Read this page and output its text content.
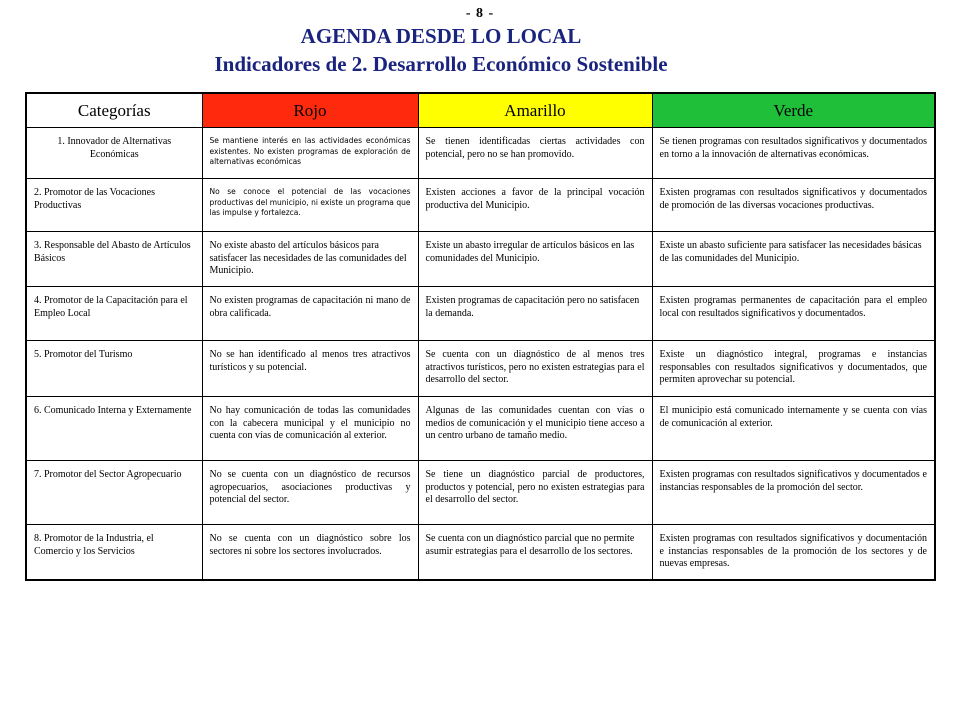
- 8 -
AGENDA DESDE LO LOCAL
Indicadores de 2. Desarrollo Económico Sostenible
Categorías	Rojo	Amarillo	Verde
1. Innovador de Alternativas Económicas	Se mantiene interés en las actividades económicas existentes. No existen programas de exploración de alternativas económicas	Se tienen identificadas ciertas actividades con potencial, pero no se han promovido.	Se tienen programas con resultados significativos y documentados en torno a la innovación de alternativas económicas.
2. Promotor de las Vocaciones Productivas	No se conoce el potencial de las vocaciones productivas del municipio, ni existe un programa que las impulse y fortalezca.	Existen acciones a favor de la principal vocación productiva del Municipio.	Existen programas con resultados significativos y documentados de promoción de las diversas vocaciones productivas.
3. Responsable del Abasto de Artículos Básicos	No existe abasto del artículos básicos para satisfacer las necesidades de las comunidades del Municipio.	Existe un abasto irregular de artículos básicos en las comunidades del Municipio.	Existe un abasto suficiente para satisfacer las necesidades básicas de las comunidades del Municipio.
4. Promotor de la Capacitación para el Empleo Local	No existen programas de capacitación ni mano de obra calificada.	Existen programas de capacitación pero no satisfacen la demanda.	Existen programas permanentes de capacitación para el empleo local con resultados significativos y documentados.
5. Promotor del Turismo	No se han identificado al menos tres atractivos turísticos y su potencial.	Se cuenta con un diagnóstico de al menos tres atractivos turísticos, pero no existen estrategias para el desarrollo del sector.	Existe un diagnóstico integral, programas e instancias responsables con resultados significativos y documentados, que permiten aprovechar su potencial.
6. Comunicado Interna y Externamente	No hay comunicación de todas las comunidades con la cabecera municipal y el municipio no cuenta con vías de comunicación al exterior.	Algunas de las comunidades cuentan con vías o medios de comunicación y el municipio tiene acceso a un centro urbano de tamaño medio.	El municipio está comunicado internamente y se cuenta con vías de comunicación al exterior.
7. Promotor del Sector Agropecuario	No se cuenta con un diagnóstico de recursos agropecuarios, asociaciones productivas y potencial del sector.	Se tiene un diagnóstico parcial de productores, productos y potencial, pero no existen estrategias para el desarrollo del sector.	Existen programas con resultados significativos y documentados e instancias responsables de la promoción del sector.
8. Promotor de la Industria, el Comercio y los Servicios	No se cuenta con un diagnóstico sobre los sectores ni sobre los sectores involucrados.	Se cuenta con un diagnóstico parcial que no permite asumir estrategias para el desarrollo de los sectores.	Existen programas con resultados significativos y documentación e instancias responsables de la promoción de los sectores y de nuevas empresas.
